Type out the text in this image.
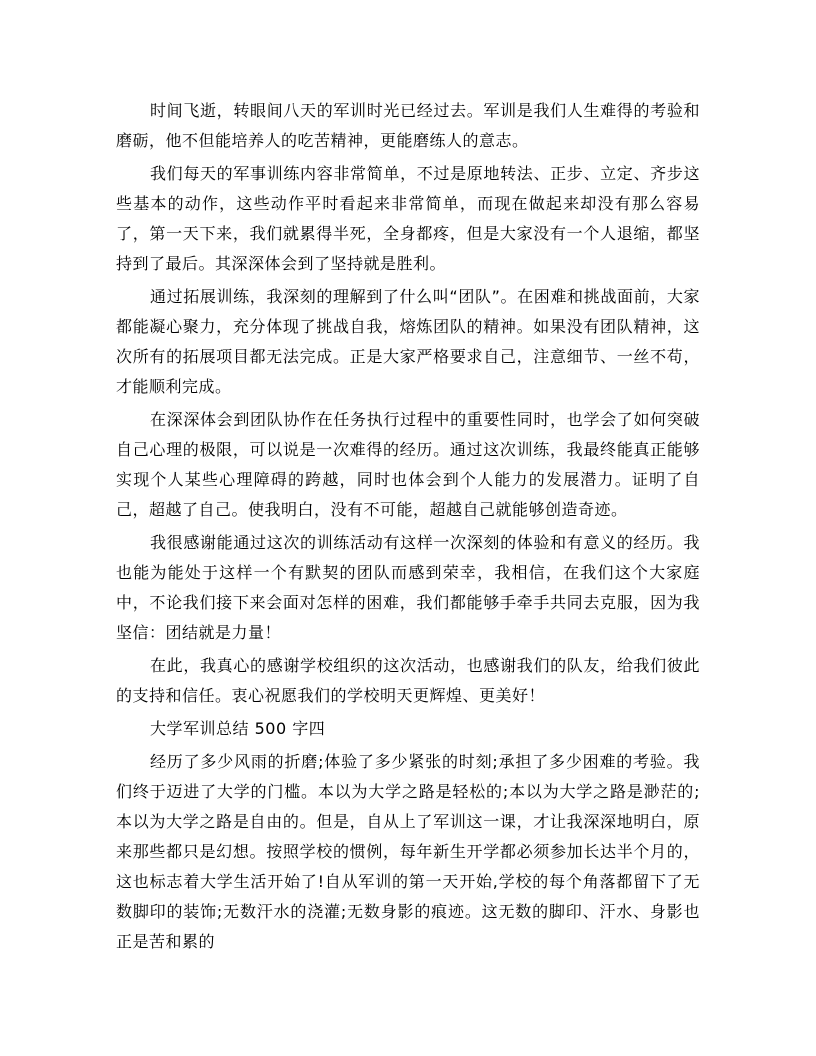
时间飞逝，转眼间八天的军训时光已经过去。军训是我们人生难得的考验和磨砺，他不但能培养人的吃苦精神，更能磨练人的意志。

我们每天的军事训练内容非常简单，不过是原地转法、正步、立定、齐步这些基本的动作，这些动作平时看起来非常简单，而现在做起来却没有那么容易了，第一天下来，我们就累得半死，全身都疼，但是大家没有一个人退缩，都坚持到了最后。其深深体会到了坚持就是胜利。

通过拓展训练，我深刻的理解到了什么叫“团队”。在困难和挑战面前，大家都能凝心聚力，充分体现了挑战自我，熔炼团队的精神。如果没有团队精神，这次所有的拓展项目都无法完成。正是大家严格要求自己，注意细节、一丝不苟，才能顺利完成。

在深深体会到团队协作在任务执行过程中的重要性同时，也学会了如何突破自己心理的极限，可以说是一次难得的经历。通过这次训练，我最终能真正能够实现个人某些心理障碍的跨越，同时也体会到个人能力的发展潜力。证明了自己，超越了自己。使我明白，没有不可能，超越自己就能够创造奇迹。

我很感谢能通过这次的训练活动有这样一次深刻的体验和有意义的经历。我也能为能处于这样一个有默契的团队而感到荣幸，我相信，在我们这个大家庭中，不论我们接下来会面对怎样的困难，我们都能够手牵手共同去克服，因为我坚信：团结就是力量！

在此，我真心的感谢学校组织的这次活动，也感谢我们的队友，给我们彼此的支持和信任。衷心祝愿我们的学校明天更辉煌、更美好！

大学军训总结 500 字四

经历了多少风雨的折磨;体验了多少紧张的时刻;承担了多少困难的考验。我们终于迈进了大学的门槛。本以为大学之路是轻松的;本以为大学之路是渺茫的;本以为大学之路是自由的。但是，自从上了军训这一课，才让我深深地明白，原来那些都只是幻想。按照学校的惯例，每年新生开学都必须参加长达半个月的，这也标志着大学生活开始了!自从军训的第一天开始,学校的每个角落都留下了无数脚印的装饰;无数汗水的浇灌;无数身影的痕迹。这无数的脚印、汗水、身影也正是苦和累的
